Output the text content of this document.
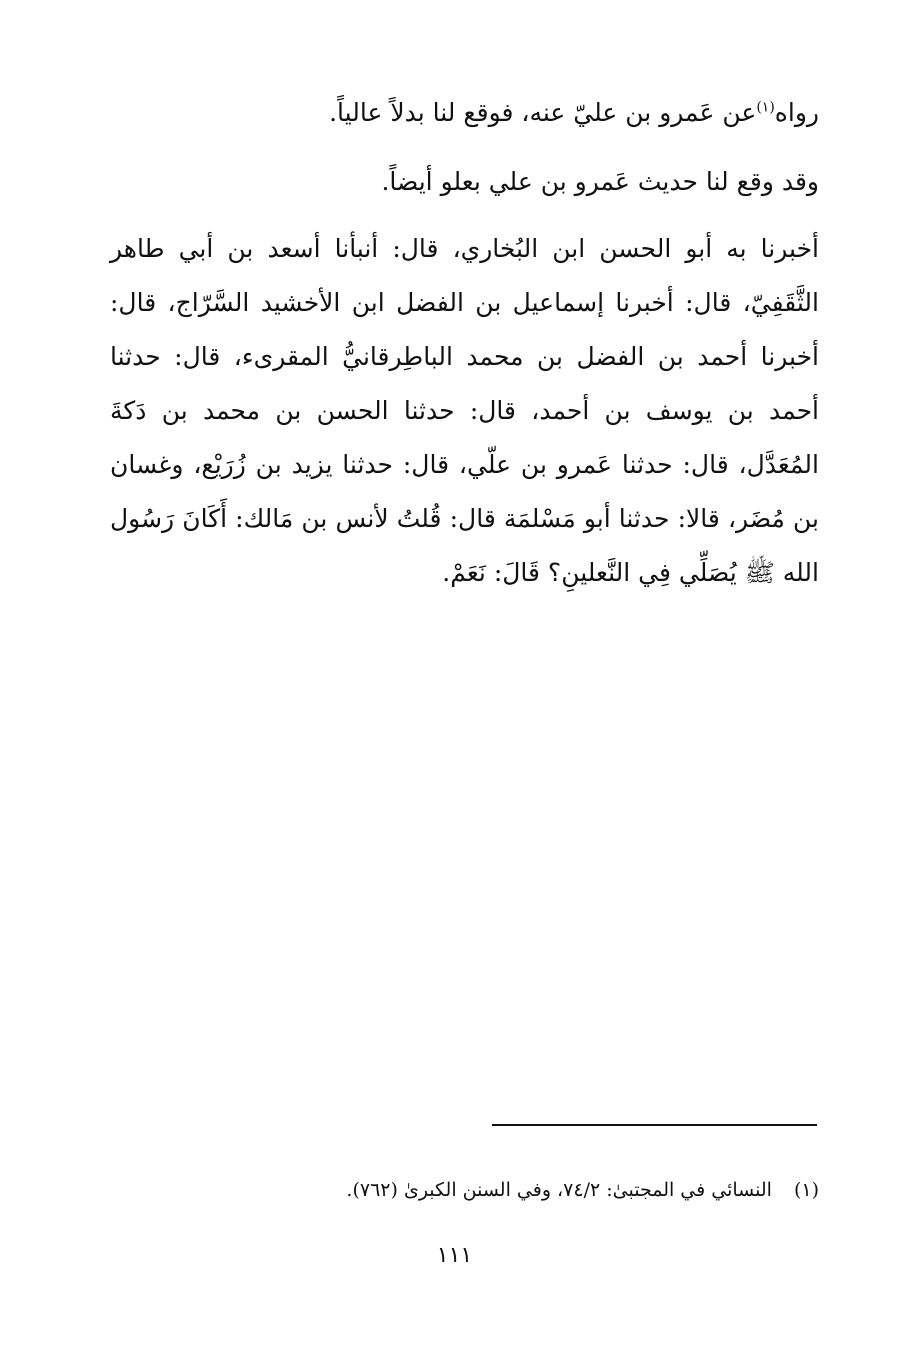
رواه$^{(١)}$عن عَمرو بن عليّ عنه، فوقع لنا بدلاً عالياً.

وقد وقع لنا حديث عَمرو بن علي بعلو أيضاً.

أخبرنا به أبو الحسن ابن البُخاري، قال: أنبأنا أسعد بن أبي طاهر الثَّقَفِيّ، قال: أخبرنا إسماعيل بن الفضل ابن الأخشيد السَّرّاج، قال: أخبرنا أحمد بن الفضل بن محمد الباطِرقانيُّ المقرىء، قال: حدثنا أحمد بن يوسف بن أحمد، قال: حدثنا الحسن بن محمد بن دَكةَ المُعَدَّل، قال: حدثنا عَمرو بن علّي، قال: حدثنا يزيد بن زُرَيْع، وغسان بن مُضَر، قالا: حدثنا أبو مَسْلمَة قال: قُلتُ لأنس بن مَالك: أَكَانَ رَسُول الله ﷺ يُصَلِّي فِي النَّعلينِ؟ قَالَ: نَعَمْ.

(١)النسائي في المجتبىٰ: ٧٤/٢، وفي السنن الكبرىٰ (٧٦٢).
١١١
